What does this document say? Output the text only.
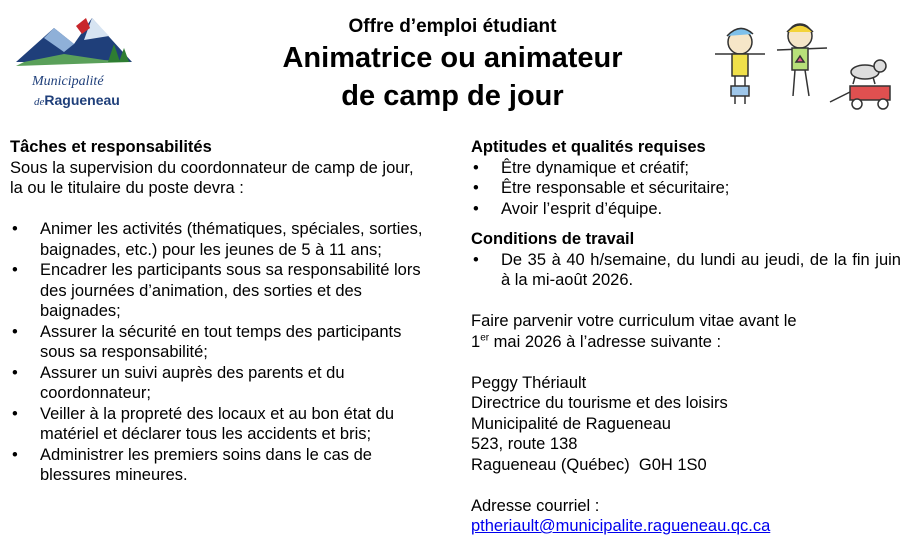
Municipalité
deRagueneau
Offre d’emploi étudiant
Animatrice ou animateur
de camp de jour
Tâches et responsabilités
Sous la supervision du coordonnateur de camp de jour,
la ou le titulaire du poste devra :
• Animer les activités (thématiques, spéciales, sorties, baignades, etc.) pour les jeunes de 5 à 11 ans;
• Encadrer les participants sous sa responsabilité lors des journées d’animation, des sorties et des baignades;
• Assurer la sécurité en tout temps des participants sous sa responsabilité;
• Assurer un suivi auprès des parents et du coordonnateur;
• Veiller à la propreté des locaux et au bon état du matériel et déclarer tous les accidents et bris;
• Administrer les premiers soins dans le cas de blessures mineures.
Aptitudes et qualités requises
• Être dynamique et créatif;
• Être responsable et sécuritaire;
• Avoir l’esprit d’équipe.
Conditions de travail
• De 35 à 40 h/semaine, du lundi au jeudi, de la fin juin à la mi-août 2026.
Faire parvenir votre curriculum vitae avant le
1er mai 2026 à l’adresse suivante :
Peggy Thériault
Directrice du tourisme et des loisirs
Municipalité de Ragueneau
523, route 138
Ragueneau (Québec)  G0H 1S0
Adresse courriel :
ptheriault@municipalite.ragueneau.qc.ca
